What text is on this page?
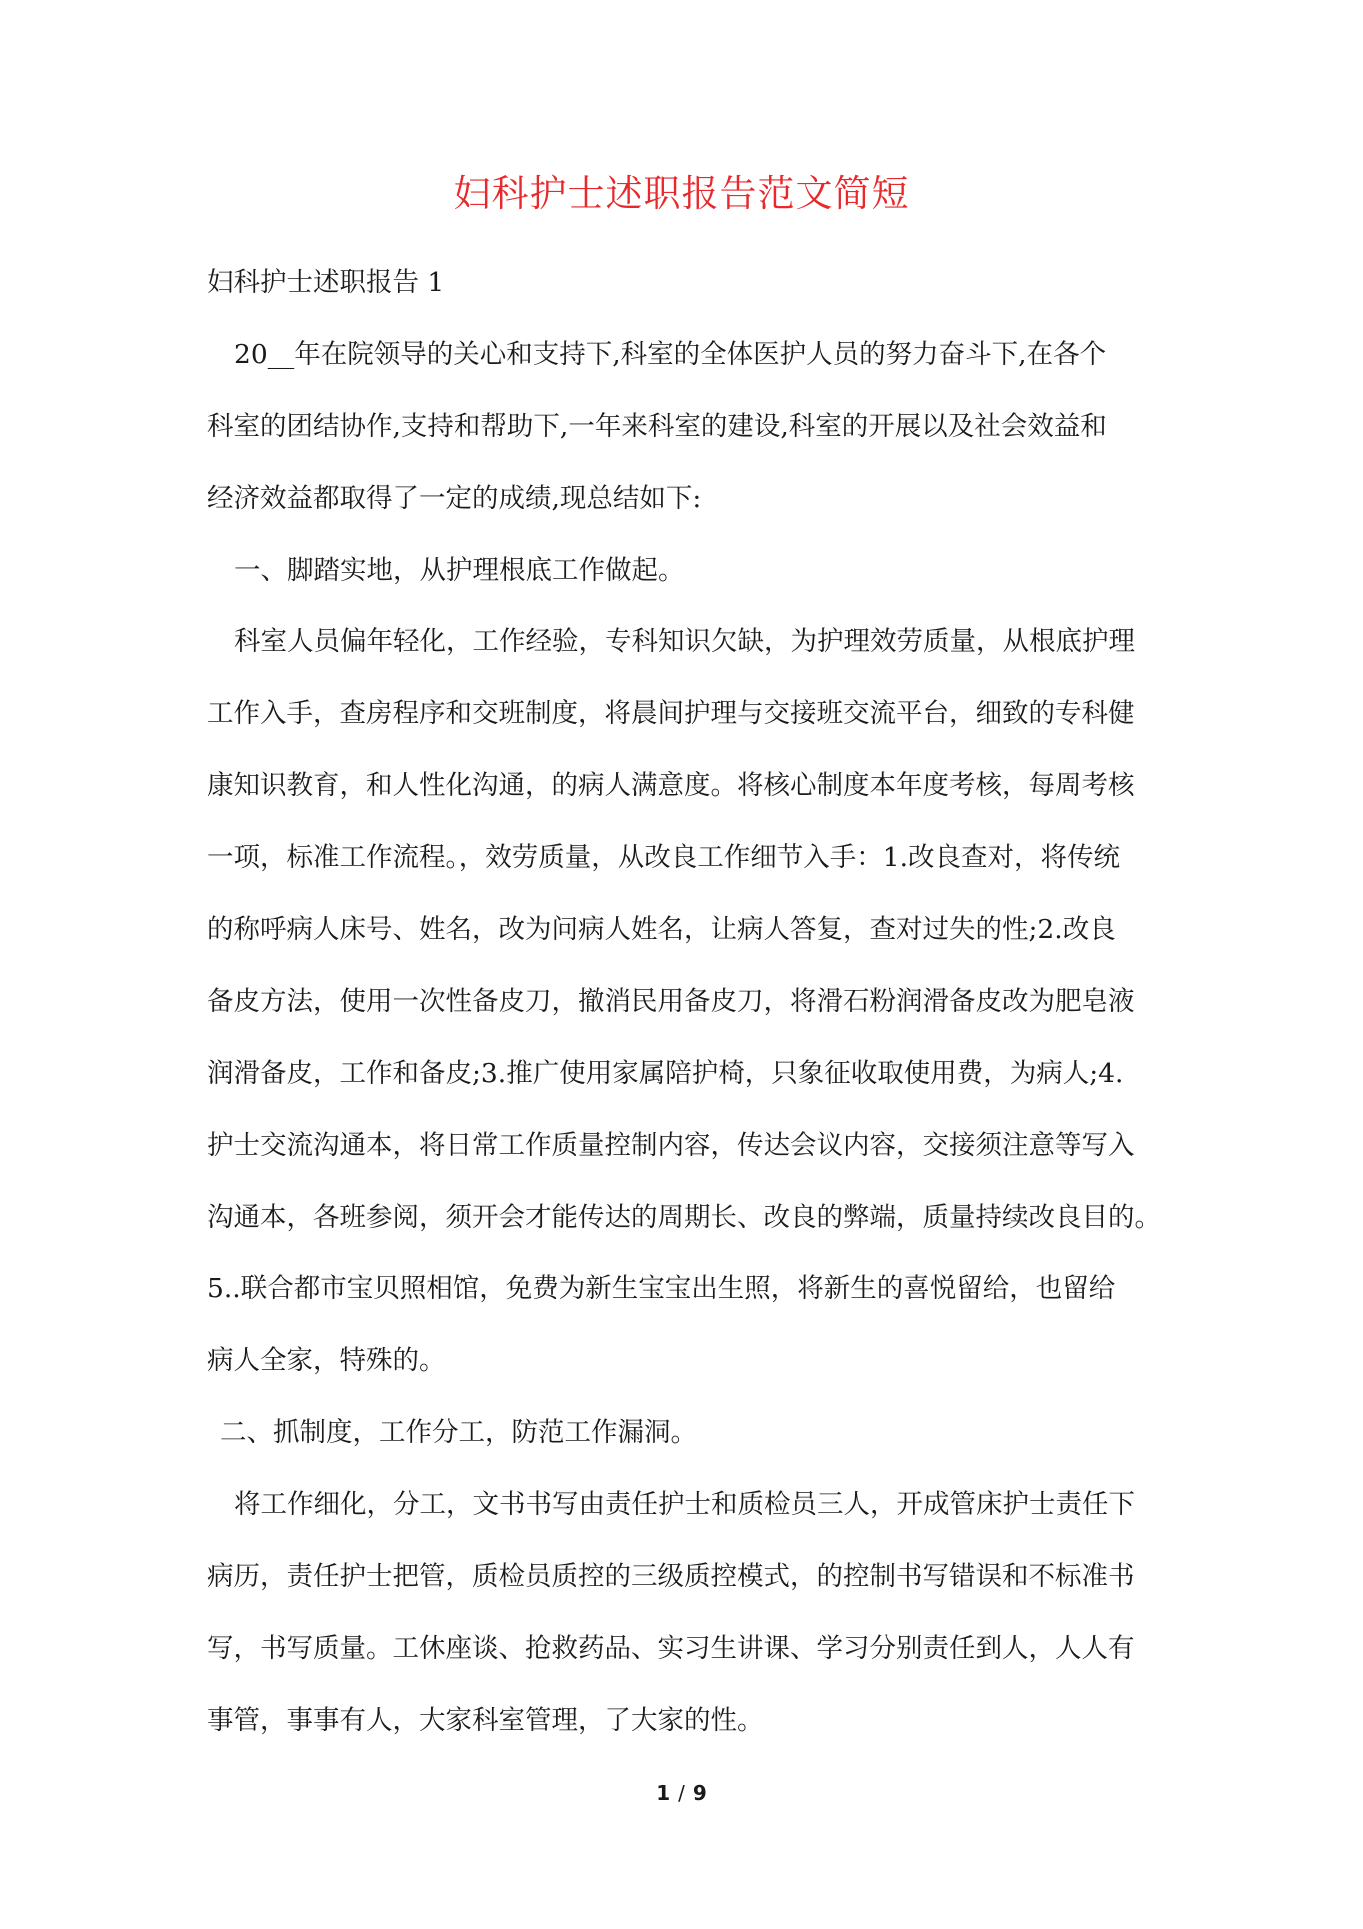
妇科护士述职报告范文简短
妇科护士述职报告 1
20__年在院领导的关心和支持下,科室的全体医护人员的努力奋斗下,在各个
科室的团结协作,支持和帮助下,一年来科室的建设,科室的开展以及社会效益和
经济效益都取得了一定的成绩,现总结如下:
一、脚踏实地，从护理根底工作做起。
科室人员偏年轻化，工作经验，专科知识欠缺，为护理效劳质量，从根底护理
工作入手，查房程序和交班制度，将晨间护理与交接班交流平台，细致的专科健
康知识教育，和人性化沟通，的病人满意度。将核心制度本年度考核，每周考核
一项，标准工作流程。，效劳质量，从改良工作细节入手：1.改良查对，将传统
的称呼病人床号、姓名，改为问病人姓名，让病人答复，查对过失的性;2.改良
备皮方法，使用一次性备皮刀，撤消民用备皮刀，将滑石粉润滑备皮改为肥皂液
润滑备皮，工作和备皮;3.推广使用家属陪护椅，只象征收取使用费，为病人;4.
护士交流沟通本，将日常工作质量控制内容，传达会议内容，交接须注意等写入
沟通本，各班参阅，须开会才能传达的周期长、改良的弊端，质量持续改良目的。
5..联合都市宝贝照相馆，免费为新生宝宝出生照，将新生的喜悦留给，也留给
病人全家，特殊的。
二、抓制度，工作分工，防范工作漏洞。
将工作细化，分工，文书书写由责任护士和质检员三人，开成管床护士责任下
病历，责任护士把管，质检员质控的三级质控模式，的控制书写错误和不标准书
写，书写质量。工休座谈、抢救药品、实习生讲课、学习分别责任到人，人人有
事管，事事有人，大家科室管理，了大家的性。
1 / 9
